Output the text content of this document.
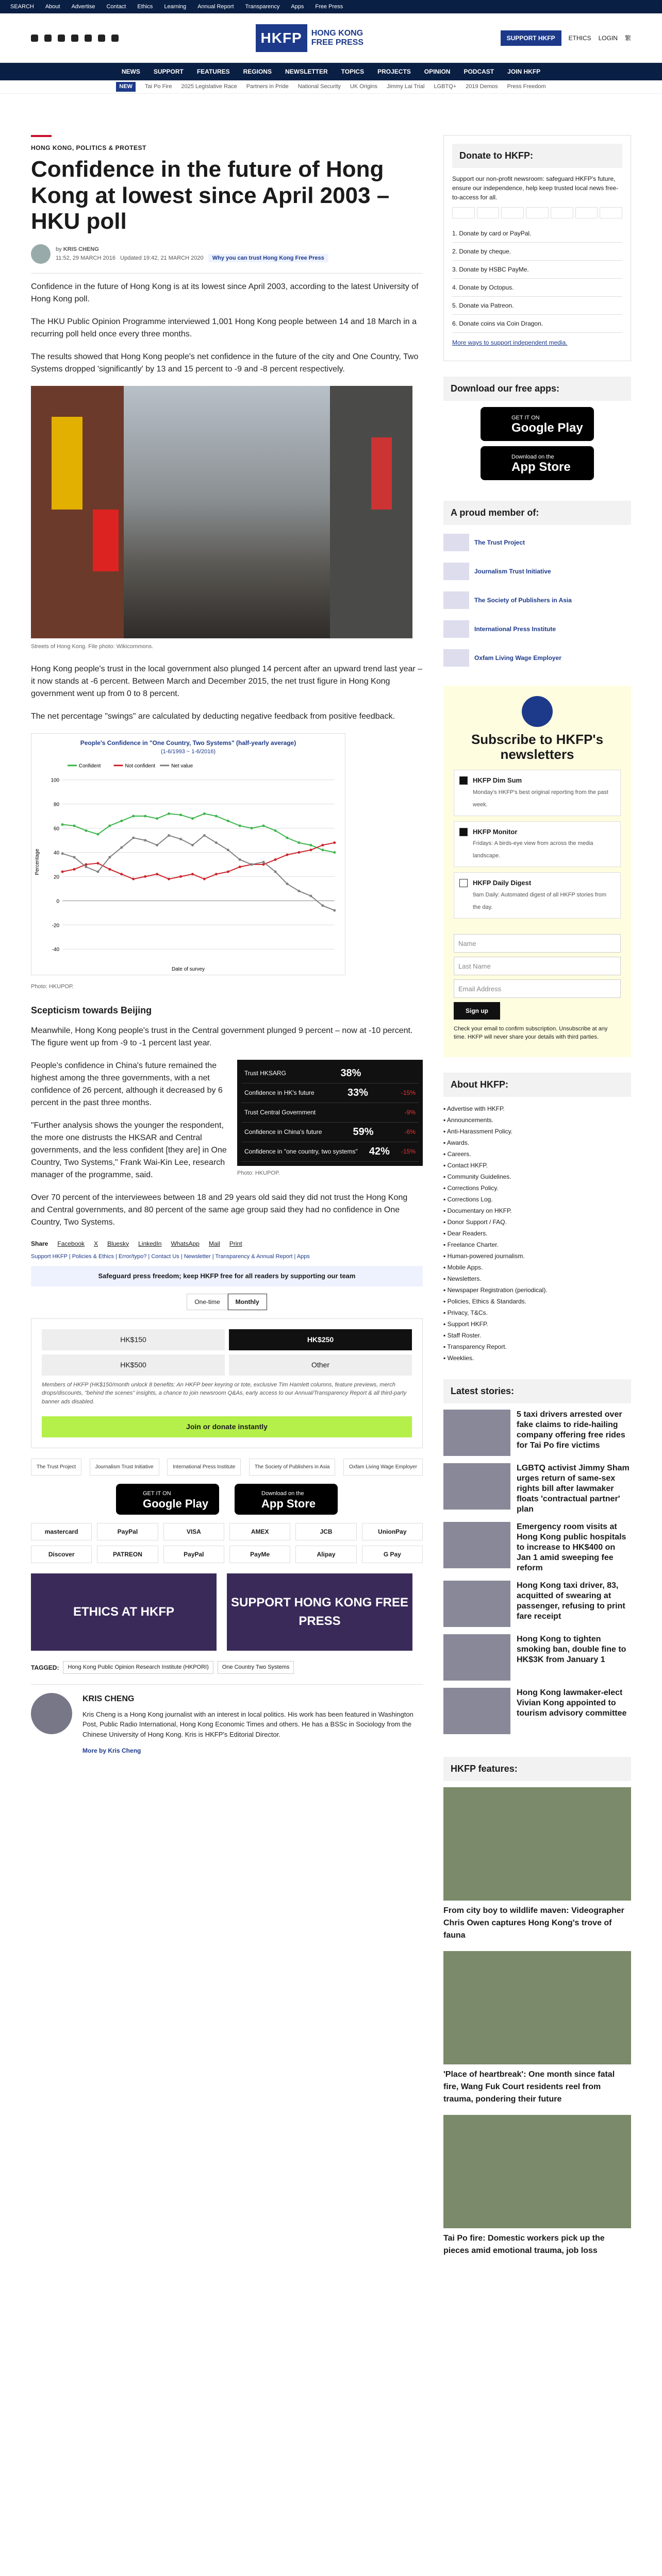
SEARCH About Advertise Contact Ethics Learning Annual Report Transparency Apps Free Press
HKFP	HONG KONG
FREE PRESS	SUPPORT HKFP	ETHICS LOGIN 繁
NEWS SUPPORT FEATURES REGIONS NEWSLETTER TOPICS PROJECTS OPINION PODCAST JOIN HKFP
NEW	Tai Po Fire 2025 Legislative Race Partners in Pride National Security UK Origins Jimmy Lai Trial LGBTQ+ 2019 Demos Press Freedom
HONG KONG, POLITICS & PROTEST
Confidence in the future of Hong Kong at lowest since April 2003 – HKU poll
by KRIS CHENG
11:52, 29 MARCH 2016 Updated 19:42, 21 MARCH 2020 Why you can trust Hong Kong Free Press

Confidence in the future of Hong Kong is at its lowest since April 2003, according to the latest University of Hong Kong poll.

The HKU Public Opinion Programme interviewed 1,001 Hong Kong people between 14 and 18 March in a recurring poll held once every three months.

The results showed that Hong Kong people's net confidence in the future of the city and One Country, Two Systems dropped 'significantly' by 13 and 15 percent to -9 and -8 percent respectively.

Streets of Hong Kong. File photo: Wikicommons.

Hong Kong people's trust in the local government also plunged 14 percent after an upward trend last year – it now stands at -6 percent. Between March and December 2015, the net trust figure in Hong Kong government went up from 0 to 8 percent.

The net percentage "swings" are calculated by deducting negative feedback from positive feedback.

People's Confidence in "One Country, Two Systems" (half-yearly average)
(1-6/1993 ~ 1-6/2016)
Confident	Not confident	Net value
-40
-20
0
20
40
60
80
100
Percentage
Date of survey
Photo: HKUPOP.
Scepticism towards Beijing

Meanwhile, Hong Kong people's trust in the Central government plunged 9 percent – now at -10 percent. The figure went up from -9 to -1 percent last year.

People's confidence in China's future remained the highest among the three governments, with a net confidence of 26 percent, although it decreased by 6 percent in the past three months.

"Further analysis shows the younger the respondent, the more one distrusts the HKSAR and Central governments, and the less confident [they are] in One Country, Two Systems," Frank Wai-Kin Lee, research manager of the programme, said.

Trust HKSARG	38%
Confidence in HK's future	33%	-15%
Trust Central Government	-9%
Confidence in China's future	59%	-6%
Confidence in "one country, two systems" 42% -15%
Photo: HKUPOP.

Over 70 percent of the interviewees between 18 and 29 years old said they did not trust the Hong Kong and Central governments, and 80 percent of the same age group said they had no confidence in One Country, Two Systems.

Share Facebook X Bluesky LinkedIn WhatsApp Mail Print
Support HKFP | Policies & Ethics | Error/typo? | Contact Us | Newsletter | Transparency & Annual Report | Apps
Safeguard press freedom; keep HKFP free for all readers by supporting our team
One-time	Monthly
HK$150	HK$250
HK$500	Other

Members of HKFP (HK$150/month unlock 8 benefits: An HKFP beer keyring or tote, exclusive Tim Hamlett columns, feature previews, merch drops/discounts, "behind the scenes" insights, a chance to join newsroom Q&As, early access to our Annual/Transparency Report & all third-party banner ads disabled.

Join or donate instantly
The Trust Project	Journalism Trust Initiative	International Press Institute	The Society of Publishers in Asia	Oxfam Living Wage Employer
GET IT ON
Google Play
Download on the
App Store
mastercard	PayPal	VISA	AMEX	JCB	UnionPay
Discover	PATREON	PayPal	PayMe	Alipay	G Pay
ETHICS AT HKFP
SUPPORT HONG KONG FREE PRESS
TAGGED:	Hong Kong Public Opinion Research Institute (HKPORI)	One Country Two Systems
KRIS CHENG

Kris Cheng is a Hong Kong journalist with an interest in local politics. His work has been featured in Washington Post, Public Radio International, Hong Kong Economic Times and others. He has a BSSc in Sociology from the Chinese University of Hong Kong. Kris is HKFP's Editorial Director.

More by Kris Cheng
Donate to HKFP:

Support our non-profit newsroom: safeguard HKFP's future, ensure our independence, help keep trusted local news free-to-access for all.

1. Donate by card or PayPal.
2. Donate by cheque.
3. Donate by HSBC PayMe.
4. Donate by Octopus.
5. Donate via Patreon.
6. Donate coins via Coin Dragon.

More ways to support independent media.

Download our free apps:
GET IT ON
Google Play
Download on the
App Store
A proud member of:
The Trust Project
Journalism Trust Initiative
The Society of Publishers in Asia
International Press Institute
Oxfam Living Wage Employer
Subscribe to HKFP's newsletters
HKFP Dim Sum
Monday's HKFP's best original reporting from the past week.
HKFP Monitor
Fridays: A birds-eye view from across the media landscape.
HKFP Daily Digest
9am Daily: Automated digest of all HKFP stories from the day.
Name
Last Name
Email Address
Sign up

Check your email to confirm subscription. Unsubscribe at any time. HKFP will never share your details with third parties.

About HKFP:
▪ Advertise with HKFP.
▪ Announcements.
▪ Anti-Harassment Policy.
▪ Awards.
▪ Careers.
▪ Contact HKFP.
▪ Community Guidelines.
▪ Corrections Policy.
▪ Corrections Log.
▪ Documentary on HKFP.
▪ Donor Support / FAQ.
▪ Dear Readers.
▪ Freelance Charter.
▪ Human-powered journalism.
▪ Mobile Apps.
▪ Newsletters.
▪ Newspaper Registration (periodical).
▪ Policies, Ethics & Standards.
▪ Privacy, T&Cs.
▪ Support HKFP.
▪ Staff Roster.
▪ Transparency Report.
▪ Weeklies.
Latest stories:
5 taxi drivers arrested over fake claims to ride-hailing company offering free rides for Tai Po fire victims
LGBTQ activist Jimmy Sham urges return of same-sex rights bill after lawmaker floats 'contractual partner' plan
Emergency room visits at Hong Kong public hospitals to increase to HK$400 on Jan 1 amid sweeping fee reform
Hong Kong taxi driver, 83, acquitted of swearing at passenger, refusing to print fare receipt
Hong Kong to tighten smoking ban, double fine to HK$3K from January 1
Hong Kong lawmaker-elect Vivian Kong appointed to tourism advisory committee
HKFP features:
From city boy to wildlife maven: Videographer Chris Owen captures Hong Kong's trove of fauna
'Place of heartbreak': One month since fatal fire, Wang Fuk Court residents reel from trauma, pondering their future
Tai Po fire: Domestic workers pick up the pieces amid emotional trauma, job loss
